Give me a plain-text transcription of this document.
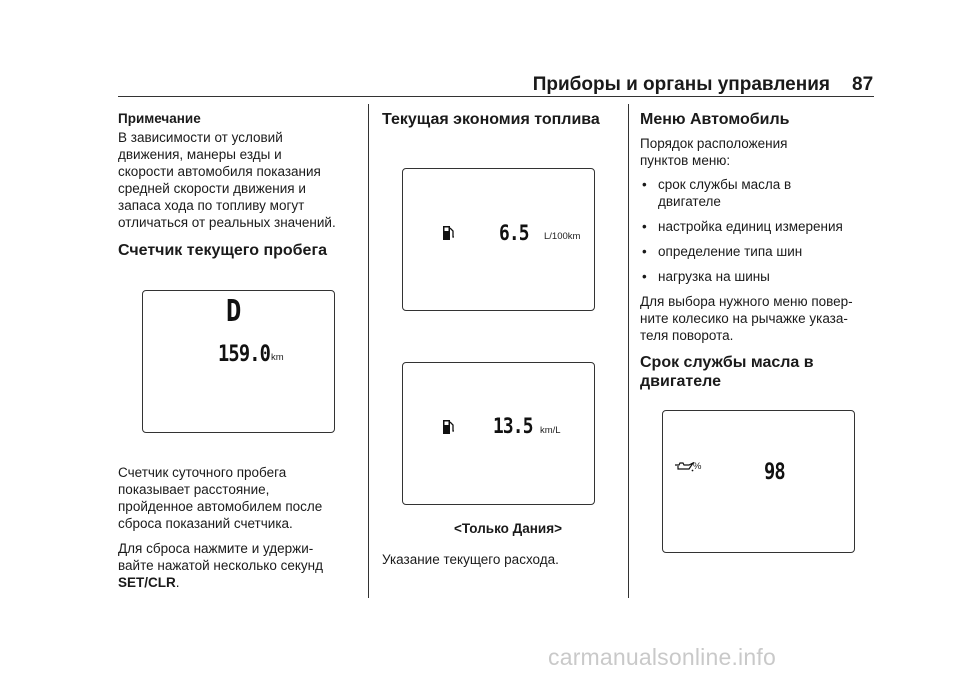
Приборы и органы управления 87

Примечание

В зависимости от условий

движения, манеры езды и

скорости автомобиля показания

средней скорости движения и

запаса хода по топливу могут

отличаться от реальных значений.

Счетчик текущего пробега

D
159.0 km

Счетчик суточного пробега

показывает расстояние,

пройденное автомобилем после

сброса показаний счетчика.

Для сброса нажмите и удержи-

вайте нажатой несколько секунд

SET/CLR.

Текущая экономия топлива

6.5 L/100km
13.5 km/L

<Только Дания>

Указание текущего расхода.

Меню Автомобиль

Порядок расположения

пунктов меню:

• срок службы масла в
двигателе
• настройка единиц измерения
• определение типа шин
• нагрузка на шины

Для выбора нужного меню повер-

ните колесико на рычажке указа-

теля поворота.

Срок службы масла в

двигателе

%	98
carmanualsonline.info
